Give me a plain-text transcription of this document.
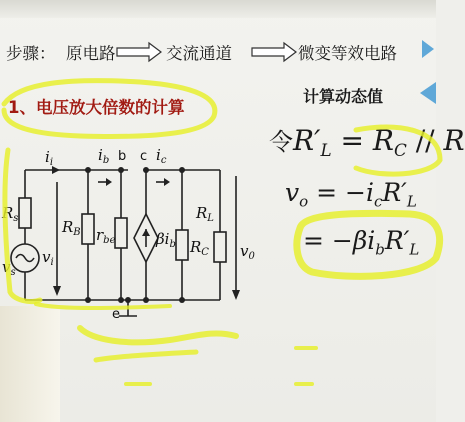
步骤： 原电路	交流通道	微变等效电路
1、电压放大倍数的计算
计算动态值
令$R'_L = R_C // R$
$v_o = -i_cR'_L$
= $-\beta i_bR'_L$
$i_i$	$i_b$ b c $i_c$
$R_s$
$v_s$
$v_i$
$R_B$ $r_{be}$	$\beta i_b$ $R_C$
$R_L$
$v_0$
e
